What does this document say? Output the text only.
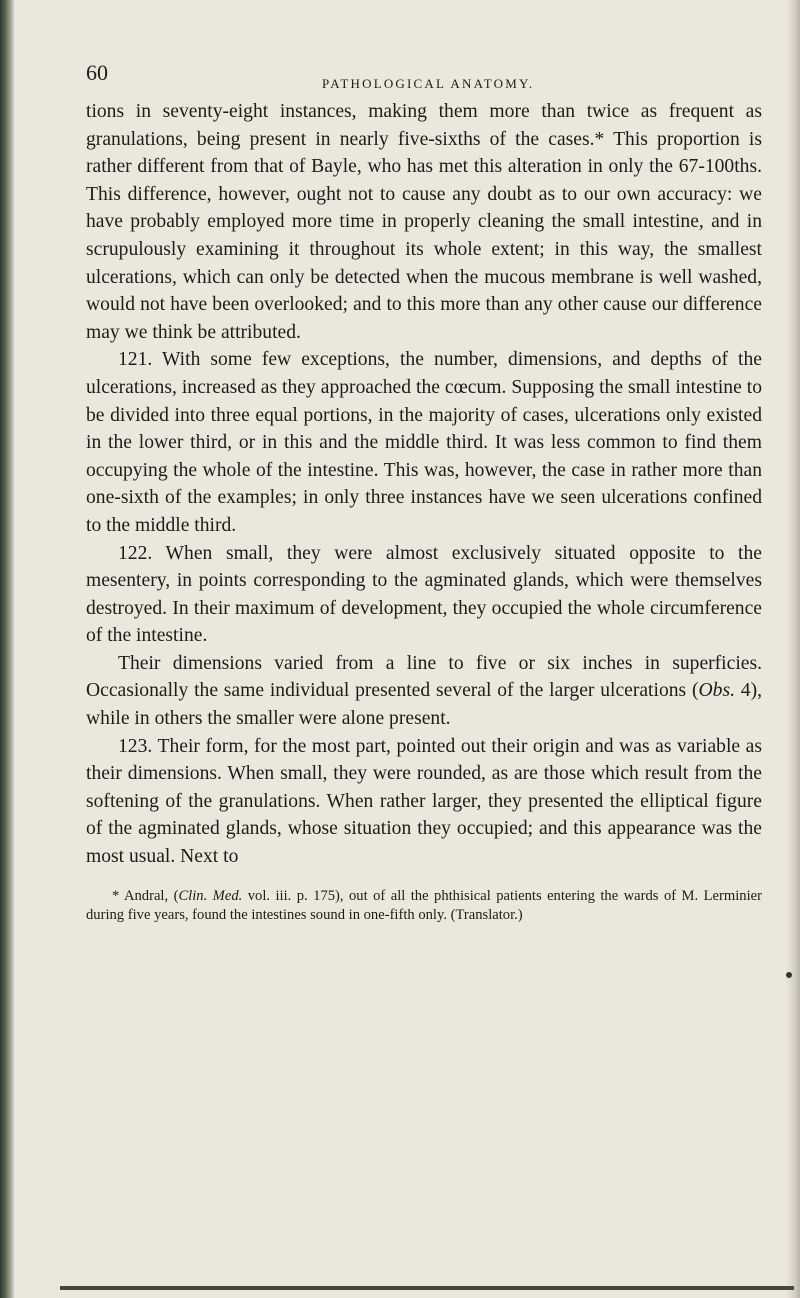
60	PATHOLOGICAL ANATOMY.

tions in seventy-eight instances, making them more than twice as frequent as granulations, being present in nearly five-sixths of the cases.* This proportion is rather different from that of Bayle, who has met this alteration in only the 67-100ths. This difference, however, ought not to cause any doubt as to our own accuracy: we have probably employed more time in properly cleaning the small intestine, and in scrupulously examining it throughout its whole extent; in this way, the smallest ulcerations, which can only be detected when the mucous membrane is well washed, would not have been overlooked; and to this more than any other cause our difference may we think be attributed.

121. With some few exceptions, the number, dimensions, and depths of the ulcerations, increased as they approached the cœcum. Supposing the small intestine to be divided into three equal portions, in the majority of cases, ulcerations only existed in the lower third, or in this and the middle third. It was less common to find them occupying the whole of the intestine. This was, however, the case in rather more than one-sixth of the examples; in only three instances have we seen ulcerations confined to the middle third.

122. When small, they were almost exclusively situated opposite to the mesentery, in points corresponding to the agminated glands, which were themselves destroyed. In their maximum of development, they occupied the whole circumference of the intestine.

Their dimensions varied from a line to five or six inches in superficies. Occasionally the same individual presented several of the larger ulcerations (Obs. 4), while in others the smaller were alone present.

123. Their form, for the most part, pointed out their origin and was as variable as their dimensions. When small, they were rounded, as are those which result from the softening of the granulations. When rather larger, they presented the elliptical figure of the agminated glands, whose situation they occupied; and this appearance was the most usual. Next to

* Andral, (Clin. Med. vol. iii. p. 175), out of all the phthisical patients entering the wards of M. Lerminier during five years, found the intestines sound in one-fifth only. (Translator.)
